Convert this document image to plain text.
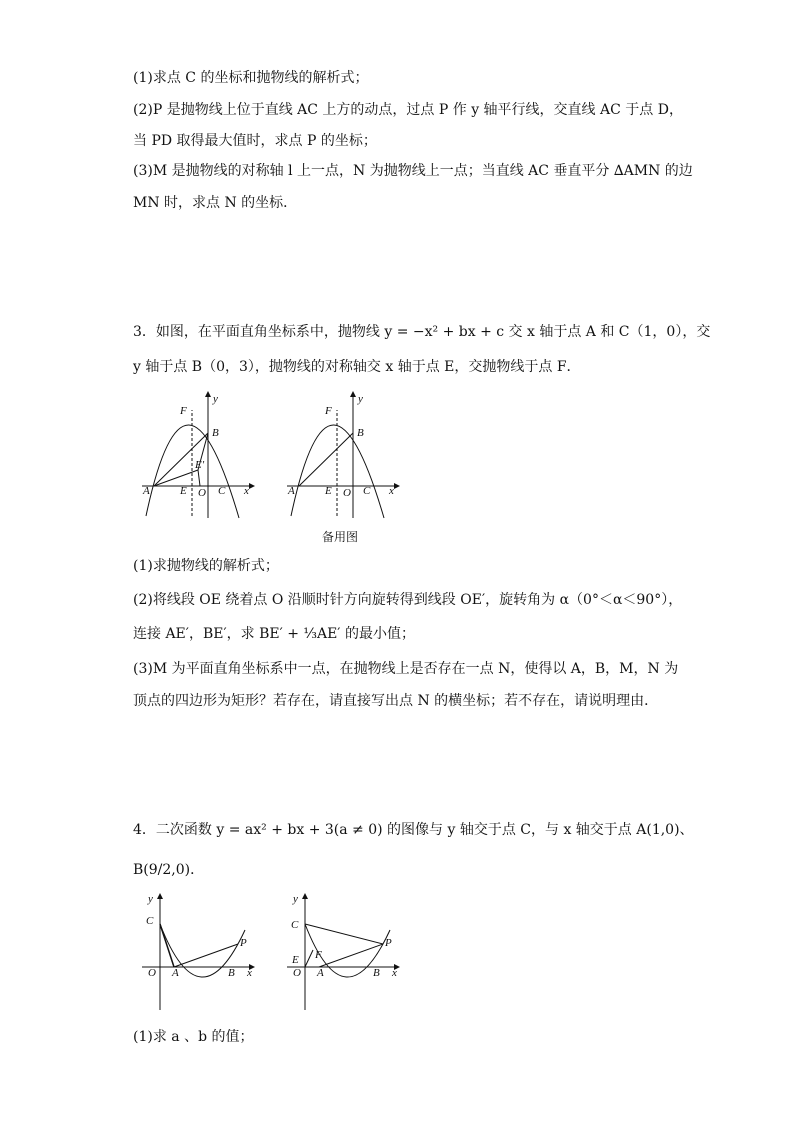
(1)求点 C 的坐标和抛物线的解析式；
(2)P 是抛物线上位于直线 AC 上方的动点，过点 P 作 y 轴平行线，交直线 AC 于点 D，
当 PD 取得最大值时，求点 P 的坐标；
(3)M 是抛物线的对称轴 l 上一点，N 为抛物线上一点；当直线 AC 垂直平分 ∆AMN 的边
MN 时，求点 N 的坐标．
3．如图，在平面直角坐标系中，抛物线 y = −x² + bx + c 交 x 轴于点 A 和 C（1，0），交
y 轴于点 B（0，3），抛物线的对称轴交 x 轴于点 E，交抛物线于点 F．
y
F
B
E′
A	E O C x
y
F
B
A	E O C x
备用图
(1)求抛物线的解析式；
(2)将线段 OE 绕着点 O 沿顺时针方向旋转得到线段 OE′，旋转角为 α（0°＜α＜90°），
连接 AE′，BE′，求 BE′ + ⅓AE′ 的最小值；
(3)M 为平面直角坐标系中一点，在抛物线上是否存在一点 N，使得以 A，B，M，N 为
顶点的四边形为矩形？若存在，请直接写出点 N 的横坐标；若不存在，请说明理由．
4．二次函数 y = ax² + bx + 3(a ≠ 0) 的图像与 y 轴交于点 C，与 x 轴交于点 A(1,0)、
B(9/2,0)．
y
C
P
O A	B x
y
C
F
P
E
O A	B x
(1)求 a 、b 的值；
